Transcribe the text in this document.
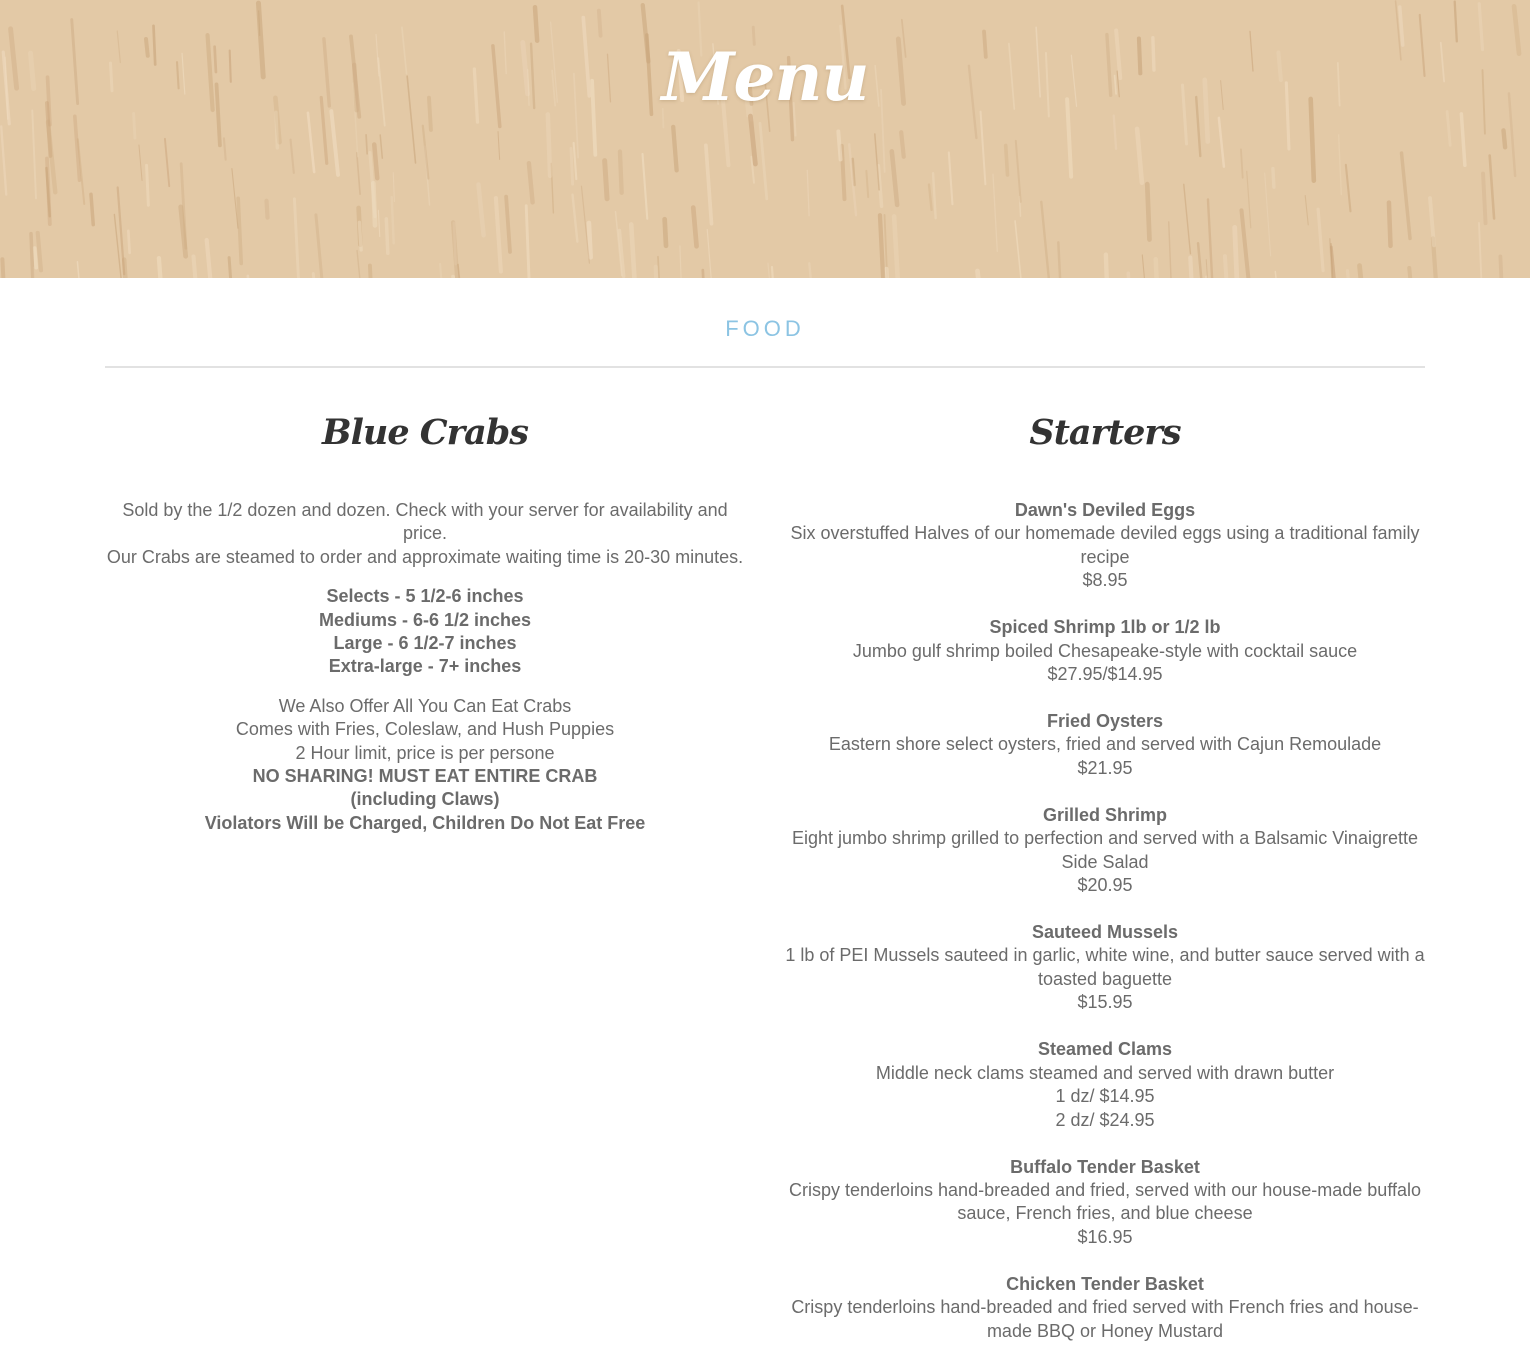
Menu
FOOD
Blue Crabs
Sold by the 1/2 dozen and dozen. Check with your server for availability and price.
Our Crabs are steamed to order and approximate waiting time is 20-30 minutes.
Selects - 5 1/2-6 inches
Mediums - 6-6 1/2 inches
Large - 6 1/2-7 inches
Extra-large - 7+ inches
We Also Offer All You Can Eat Crabs
Comes with Fries, Coleslaw, and Hush Puppies
2 Hour limit, price is per persone
NO SHARING! MUST EAT ENTIRE CRAB
(including Claws)
Violators Will be Charged, Children Do Not Eat Free
Starters
Dawn's Deviled Eggs
Six overstuffed Halves of our homemade deviled eggs using a traditional family recipe
$8.95
Spiced Shrimp 1lb or 1/2 lb
Jumbo gulf shrimp boiled Chesapeake-style with cocktail sauce
$27.95/$14.95
Fried Oysters
Eastern shore select oysters, fried and served with Cajun Remoulade
$21.95
Grilled Shrimp
Eight jumbo shrimp grilled to perfection and served with a Balsamic Vinaigrette Side Salad
$20.95
Sauteed Mussels
1 lb of PEI Mussels sauteed in garlic, white wine, and butter sauce served with a toasted baguette
$15.95
Steamed Clams
Middle neck clams steamed and served with drawn butter
1 dz/ $14.95
2 dz/ $24.95
Buffalo Tender Basket
Crispy tenderloins hand-breaded and fried, served with our house-made buffalo sauce, French fries, and blue cheese
$16.95
Chicken Tender Basket
Crispy tenderloins hand-breaded and fried served with French fries and house-made BBQ or Honey Mustard
